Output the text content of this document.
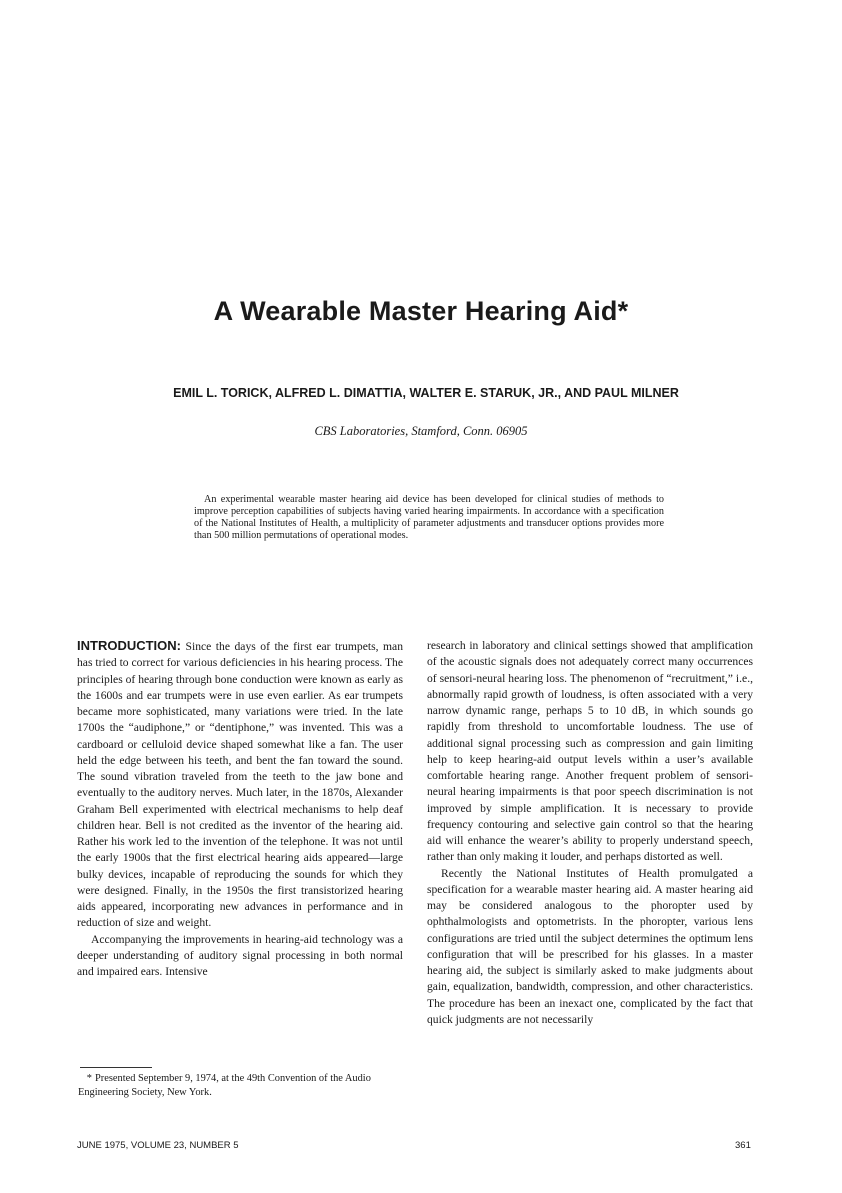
A Wearable Master Hearing Aid*
EMIL L. TORICK, ALFRED L. DIMATTIA, WALTER E. STARUK, JR., AND PAUL MILNER
CBS Laboratories, Stamford, Conn. 06905

An experimental wearable master hearing aid device has been developed for clinical studies of methods to improve perception capabilities of subjects having varied hearing impairments. In accordance with a specification of the National Institutes of Health, a multiplicity of parameter adjustments and transducer options provides more than 500 million permutations of operational modes.

INTRODUCTION: Since the days of the first ear trumpets, man has tried to correct for various deficiencies in his hearing process. The principles of hearing through bone conduction were known as early as the 1600s and ear trumpets were in use even earlier. As ear trumpets became more sophisticated, many variations were tried. In the late 1700s the “audiphone,” or “dentiphone,” was invented. This was a cardboard or celluloid device shaped somewhat like a fan. The user held the edge between his teeth, and bent the fan toward the sound. The sound vibration traveled from the teeth to the jaw bone and eventually to the auditory nerves. Much later, in the 1870s, Alexander Graham Bell experimented with electrical mechanisms to help deaf children hear. Bell is not credited as the inventor of the hearing aid. Rather his work led to the invention of the telephone. It was not until the early 1900s that the first electrical hearing aids appeared—large bulky devices, incapable of reproducing the sounds for which they were designed. Finally, in the 1950s the first transistorized hearing aids appeared, incorporating new advances in performance and in reduction of size and weight.

Accompanying the improvements in hearing-aid technology was a deeper understanding of auditory signal processing in both normal and impaired ears. Intensive

research in laboratory and clinical settings showed that amplification of the acoustic signals does not adequately correct many occurrences of sensori-neural hearing loss. The phenomenon of “recruitment,” i.e., abnormally rapid growth of loudness, is often associated with a very narrow dynamic range, perhaps 5 to 10 dB, in which sounds go rapidly from threshold to uncomfortable loudness. The use of additional signal processing such as compression and gain limiting help to keep hearing-aid output levels within a user’s available comfortable hearing range. Another frequent problem of sensori-neural hearing impairments is that poor speech discrimination is not improved by simple amplification. It is necessary to provide frequency contouring and selective gain control so that the hearing aid will enhance the wearer’s ability to properly understand speech, rather than only making it louder, and perhaps distorted as well.

Recently the National Institutes of Health promulgated a specification for a wearable master hearing aid. A master hearing aid may be considered analogous to the phoropter used by ophthalmologists and optometrists. In the phoropter, various lens configurations are tried until the subject determines the optimum lens configuration that will be prescribed for his glasses. In a master hearing aid, the subject is similarly asked to make judgments about gain, equalization, bandwidth, compression, and other characteristics. The procedure has been an inexact one, complicated by the fact that quick judgments are not necessarily

* Presented September 9, 1974, at the 49th Convention of the Audio Engineering Society, New York.

JUNE 1975, VOLUME 23, NUMBER 5	361
